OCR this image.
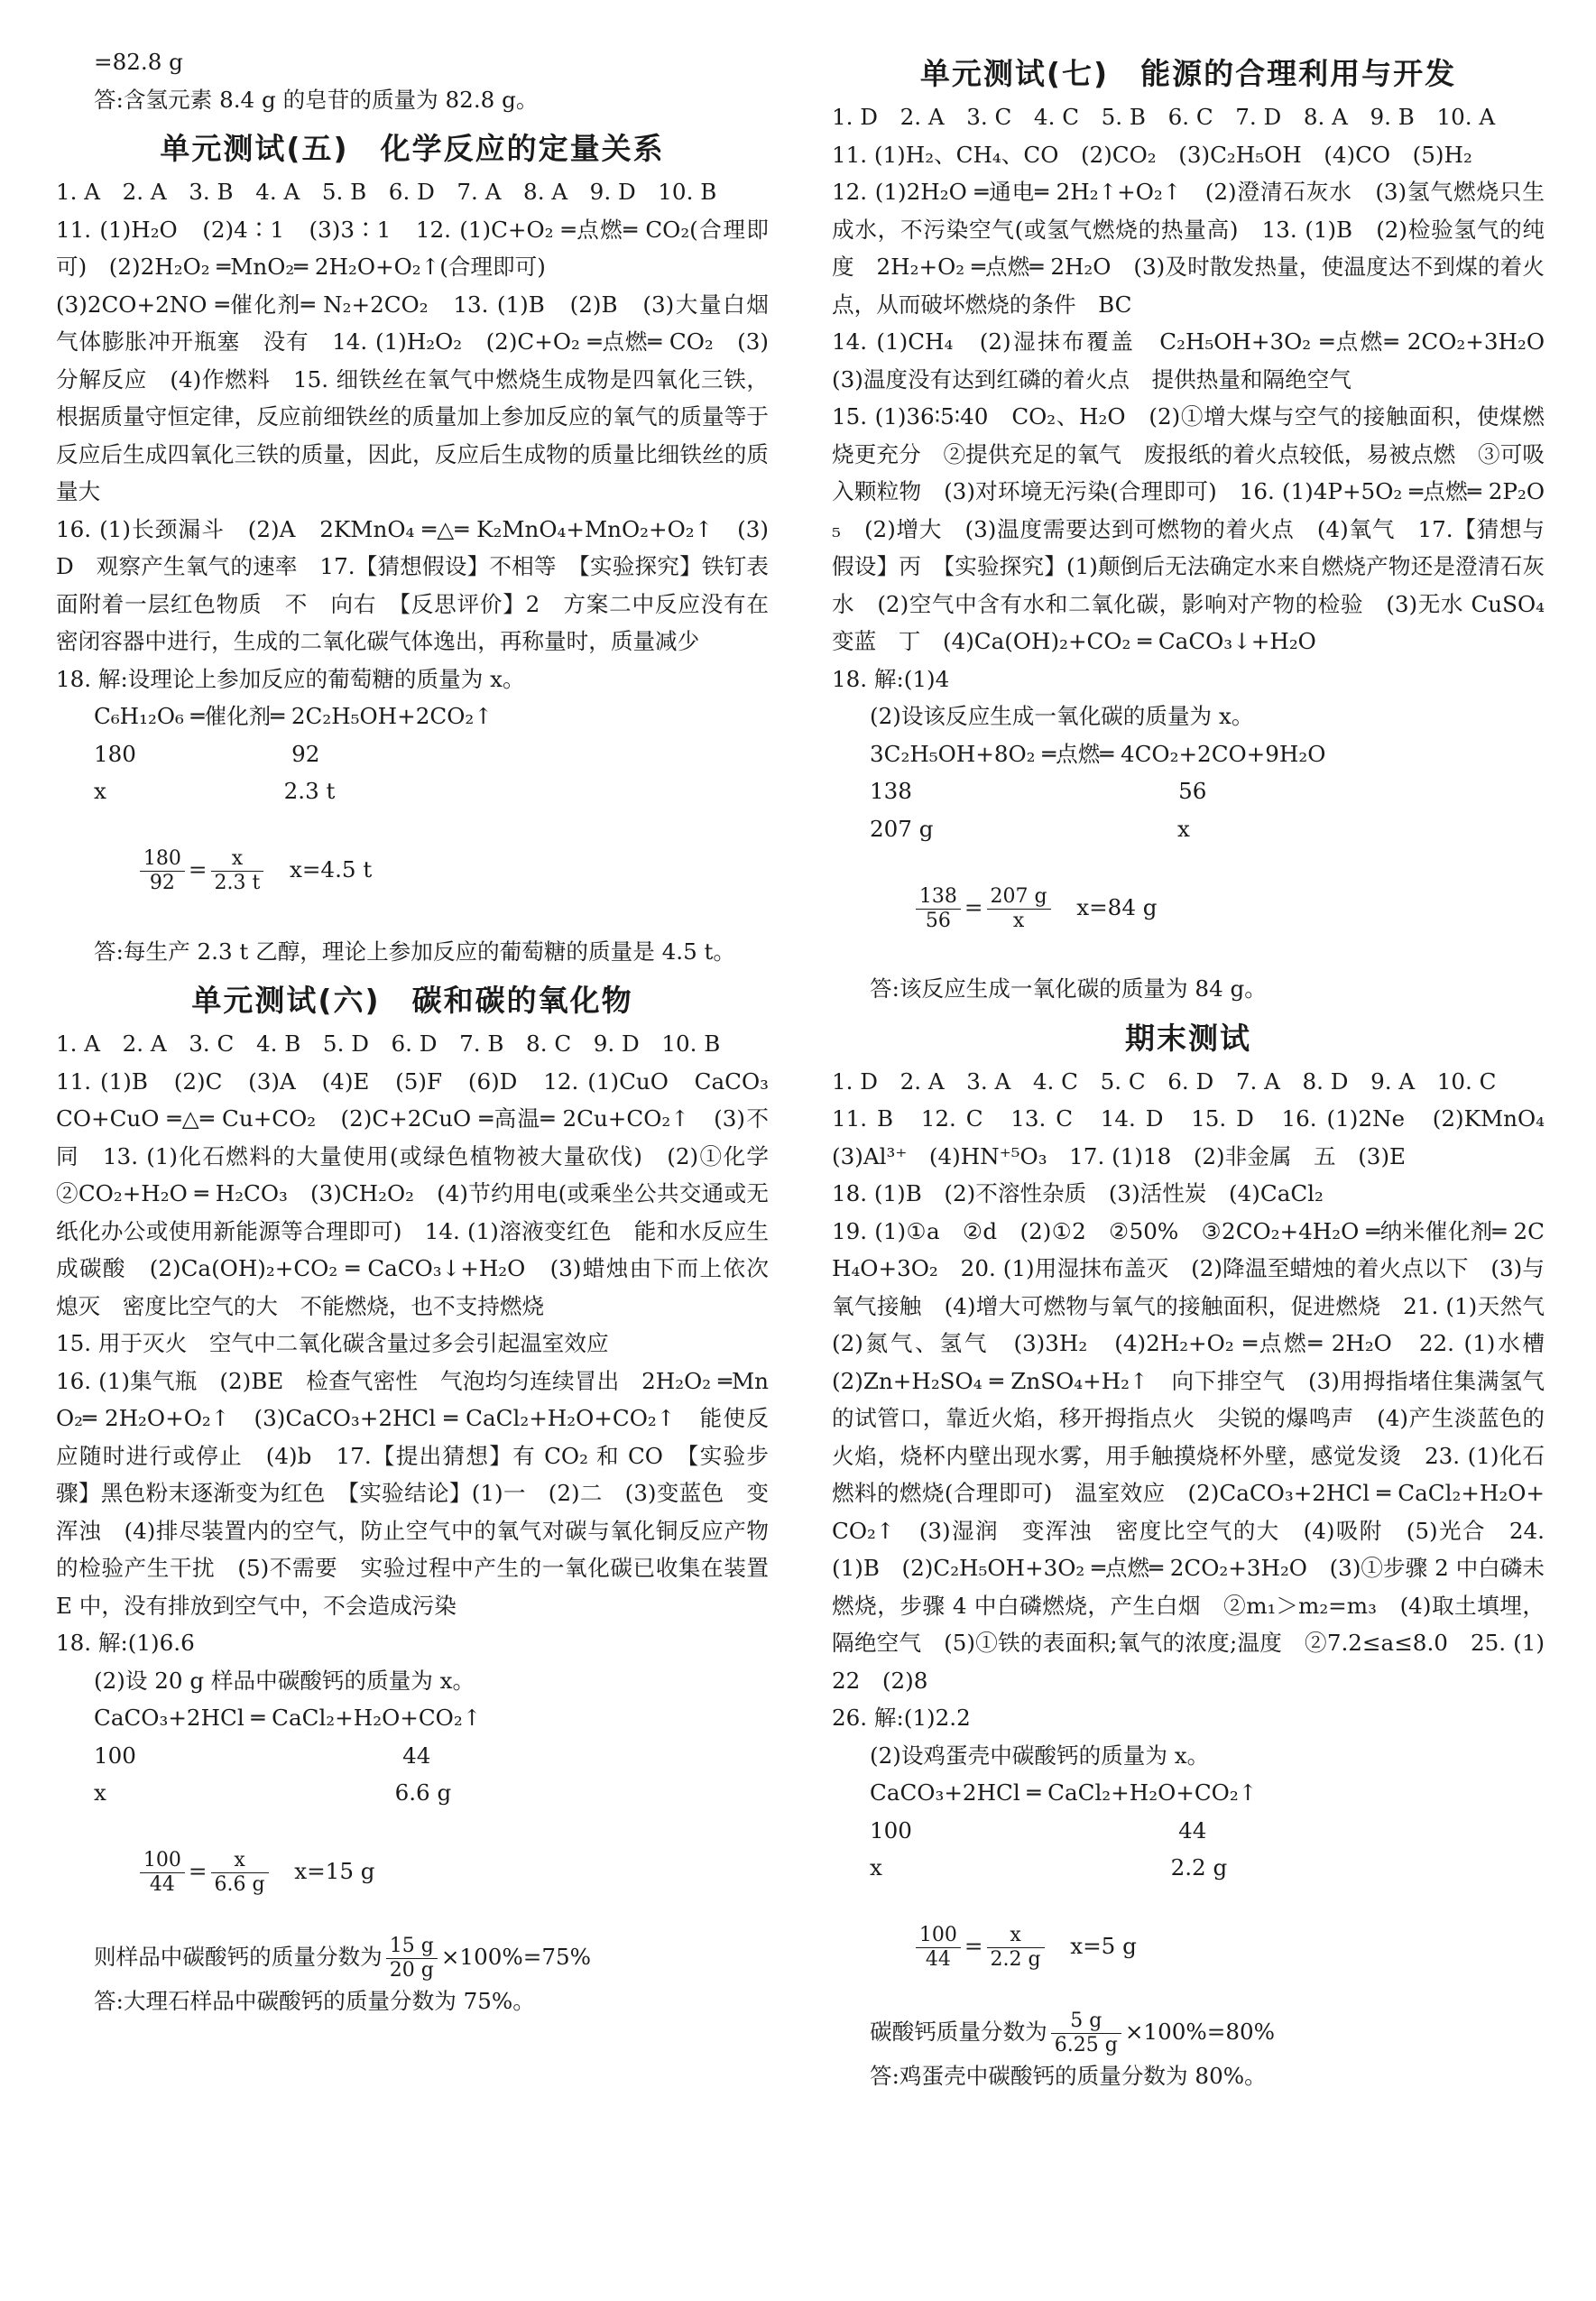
=82.8 g

答:含氢元素 8.4 g 的皂苷的质量为 82.8 g。

单元测试(五)　化学反应的定量关系

1. A　2. A　3. B　4. A　5. B　6. D　7. A　8. A　9. D　10. B

11. (1)H₂O　(2)4∶1　(3)3∶1　12. (1)C+O₂ ═点燃═ CO₂(合理即可)　(2)2H₂O₂ ═MnO₂═ 2H₂O+O₂↑(合理即可)

(3)2CO+2NO ═催化剂═ N₂+2CO₂　13. (1)B　(2)B　(3)大量白烟　气体膨胀冲开瓶塞　没有　14. (1)H₂O₂　(2)C+O₂ ═点燃═ CO₂　(3)分解反应　(4)作燃料　15. 细铁丝在氧气中燃烧生成物是四氧化三铁，根据质量守恒定律，反应前细铁丝的质量加上参加反应的氧气的质量等于反应后生成四氧化三铁的质量，因此，反应后生成物的质量比细铁丝的质量大

16. (1)长颈漏斗　(2)A　2KMnO₄ ═△═ K₂MnO₄+MnO₂+O₂↑　(3)D　观察产生氧气的速率　17.【猜想假设】不相等　【实验探究】铁钉表面附着一层红色物质　不　向右　【反思评价】2　方案二中反应没有在密闭容器中进行，生成的二氧化碳气体逸出，再称量时，质量减少

18. 解:设理论上参加反应的葡萄糖的质量为 x。

C₆H₁₂O₆ ═催化剂═ 2C₂H₅OH+2CO₂↑

180　　　　　　　92

x　　　　　　　　2.3 t

$\frac{180}{92} = \frac{x}{2.3 t}$
　 x=4.5 t

答:每生产 2.3 t 乙醇，理论上参加反应的葡萄糖的质量是 4.5 t。

单元测试(六)　碳和碳的氧化物

1. A　2. A　3. C　4. B　5. D　6. D　7. B　8. C　9. D　10. B

11. (1)B　(2)C　(3)A　(4)E　(5)F　(6)D　12. (1)CuO　CaCO₃　CO+CuO ═△═ Cu+CO₂　(2)C+2CuO ═高温═ 2Cu+CO₂↑　(3)不同　13. (1)化石燃料的大量使用(或绿色植物被大量砍伐)　(2)①化学　②CO₂+H₂O ═ H₂CO₃　(3)CH₂O₂　(4)节约用电(或乘坐公共交通或无纸化办公或使用新能源等合理即可)　14. (1)溶液变红色　能和水反应生成碳酸　(2)Ca(OH)₂+CO₂ ═ CaCO₃↓+H₂O　(3)蜡烛由下而上依次熄灭　密度比空气的大　不能燃烧，也不支持燃烧

15. 用于灭火　空气中二氧化碳含量过多会引起温室效应

16. (1)集气瓶　(2)BE　检查气密性　气泡均匀连续冒出　2H₂O₂ ═MnO₂═ 2H₂O+O₂↑　(3)CaCO₃+2HCl ═ CaCl₂+H₂O+CO₂↑　能使反应随时进行或停止　(4)b　17.【提出猜想】有 CO₂ 和 CO　【实验步骤】黑色粉末逐渐变为红色　【实验结论】(1)一　(2)二　(3)变蓝色　变浑浊　(4)排尽装置内的空气，防止空气中的氧气对碳与氧化铜反应产物的检验产生干扰　(5)不需要　实验过程中产生的一氧化碳已收集在装置 E 中，没有排放到空气中，不会造成污染

18. 解:(1)6.6

(2)设 20 g 样品中碳酸钙的质量为 x。

CaCO₃+2HCl ═ CaCl₂+H₂O+CO₂↑

100　　　　　　　　　　　　44

x　　　　　　　　　　　　　6.6 g

$\frac{100}{44} = \frac{x}{6.6 g}$
　 x=15 g

则样品中碳酸钙的质量分数为 $\frac{15 g}{20 g} \times 100\%=75\%$

答:大理石样品中碳酸钙的质量分数为 75%。

单元测试(七)　能源的合理利用与开发

1. D　2. A　3. C　4. C　5. B　6. C　7. D　8. A　9. B　10. A

11. (1)H₂、CH₄、CO　(2)CO₂　(3)C₂H₅OH　(4)CO　(5)H₂

12. (1)2H₂O ═通电═ 2H₂↑+O₂↑　(2)澄清石灰水　(3)氢气燃烧只生成水，不污染空气(或氢气燃烧的热量高)　13. (1)B　(2)检验氢气的纯度　2H₂+O₂ ═点燃═ 2H₂O　(3)及时散发热量，使温度达不到煤的着火点，从而破坏燃烧的条件　BC

14. (1)CH₄　(2)湿抹布覆盖　C₂H₅OH+3O₂ ═点燃═ 2CO₂+3H₂O　(3)温度没有达到红磷的着火点　提供热量和隔绝空气

15. (1)36∶5∶40　CO₂、H₂O　(2)①增大煤与空气的接触面积，使煤燃烧更充分　②提供充足的氧气　废报纸的着火点较低，易被点燃　③可吸入颗粒物　(3)对环境无污染(合理即可)　16. (1)4P+5O₂ ═点燃═ 2P₂O₅　(2)增大　(3)温度需要达到可燃物的着火点　(4)氧气　17.【猜想与假设】丙　【实验探究】(1)颠倒后无法确定水来自燃烧产物还是澄清石灰水　(2)空气中含有水和二氧化碳，影响对产物的检验　(3)无水 CuSO₄ 变蓝　丁　(4)Ca(OH)₂+CO₂ ═ CaCO₃↓+H₂O

18. 解:(1)4

(2)设该反应生成一氧化碳的质量为 x。

3C₂H₅OH+8O₂ ═点燃═ 4CO₂+2CO+9H₂O

138　　　　　　　　　　　　56

207 g　　　　　　　　　　　x

$\frac{138}{56} = \frac{207 g}{x}$
　 x=84 g

答:该反应生成一氧化碳的质量为 84 g。

期末测试

1. D　2. A　3. A　4. C　5. C　6. D　7. A　8. D　9. A　10. C

11. B　12. C　13. C　14. D　15. D　16. (1)2Ne　(2)KMnO₄　(3)Al³⁺　(4)HN⁺⁵O₃　17. (1)18　(2)非金属　五　(3)E

18. (1)B　(2)不溶性杂质　(3)活性炭　(4)CaCl₂

19. (1)①a　②d　(2)①2　②50%　③2CO₂+4H₂O ═纳米催化剂═ 2CH₄O+3O₂　20. (1)用湿抹布盖灭　(2)降温至蜡烛的着火点以下　(3)与氧气接触　(4)增大可燃物与氧气的接触面积，促进燃烧　21. (1)天然气　(2)氮气、氢气　(3)3H₂　(4)2H₂+O₂ ═点燃═ 2H₂O　22. (1)水槽　(2)Zn+H₂SO₄ ═ ZnSO₄+H₂↑　向下排空气　(3)用拇指堵住集满氢气的试管口，靠近火焰，移开拇指点火　尖锐的爆鸣声　(4)产生淡蓝色的火焰，烧杯内壁出现水雾，用手触摸烧杯外壁，感觉发烫　23. (1)化石燃料的燃烧(合理即可)　温室效应　(2)CaCO₃+2HCl ═ CaCl₂+H₂O+CO₂↑　(3)湿润　变浑浊　密度比空气的大　(4)吸附　(5)光合　24. (1)B　(2)C₂H₅OH+3O₂ ═点燃═ 2CO₂+3H₂O　(3)①步骤 2 中白磷未燃烧，步骤 4 中白磷燃烧，产生白烟　②m₁＞m₂=m₃　(4)取土填埋，隔绝空气　(5)①铁的表面积;氧气的浓度;温度　②7.2≤a≤8.0　25. (1)22　(2)8

26. 解:(1)2.2

(2)设鸡蛋壳中碳酸钙的质量为 x。

CaCO₃+2HCl ═ CaCl₂+H₂O+CO₂↑

100　　　　　　　　　　　　44

x　　　　　　　　　　　　　2.2 g

$\frac{100}{44} = \frac{x}{2.2 g}$
　 x=5 g

碳酸钙质量分数为 $\frac{5 g}{6.25 g} \times 100\%=80\%$

答:鸡蛋壳中碳酸钙的质量分数为 80%。
